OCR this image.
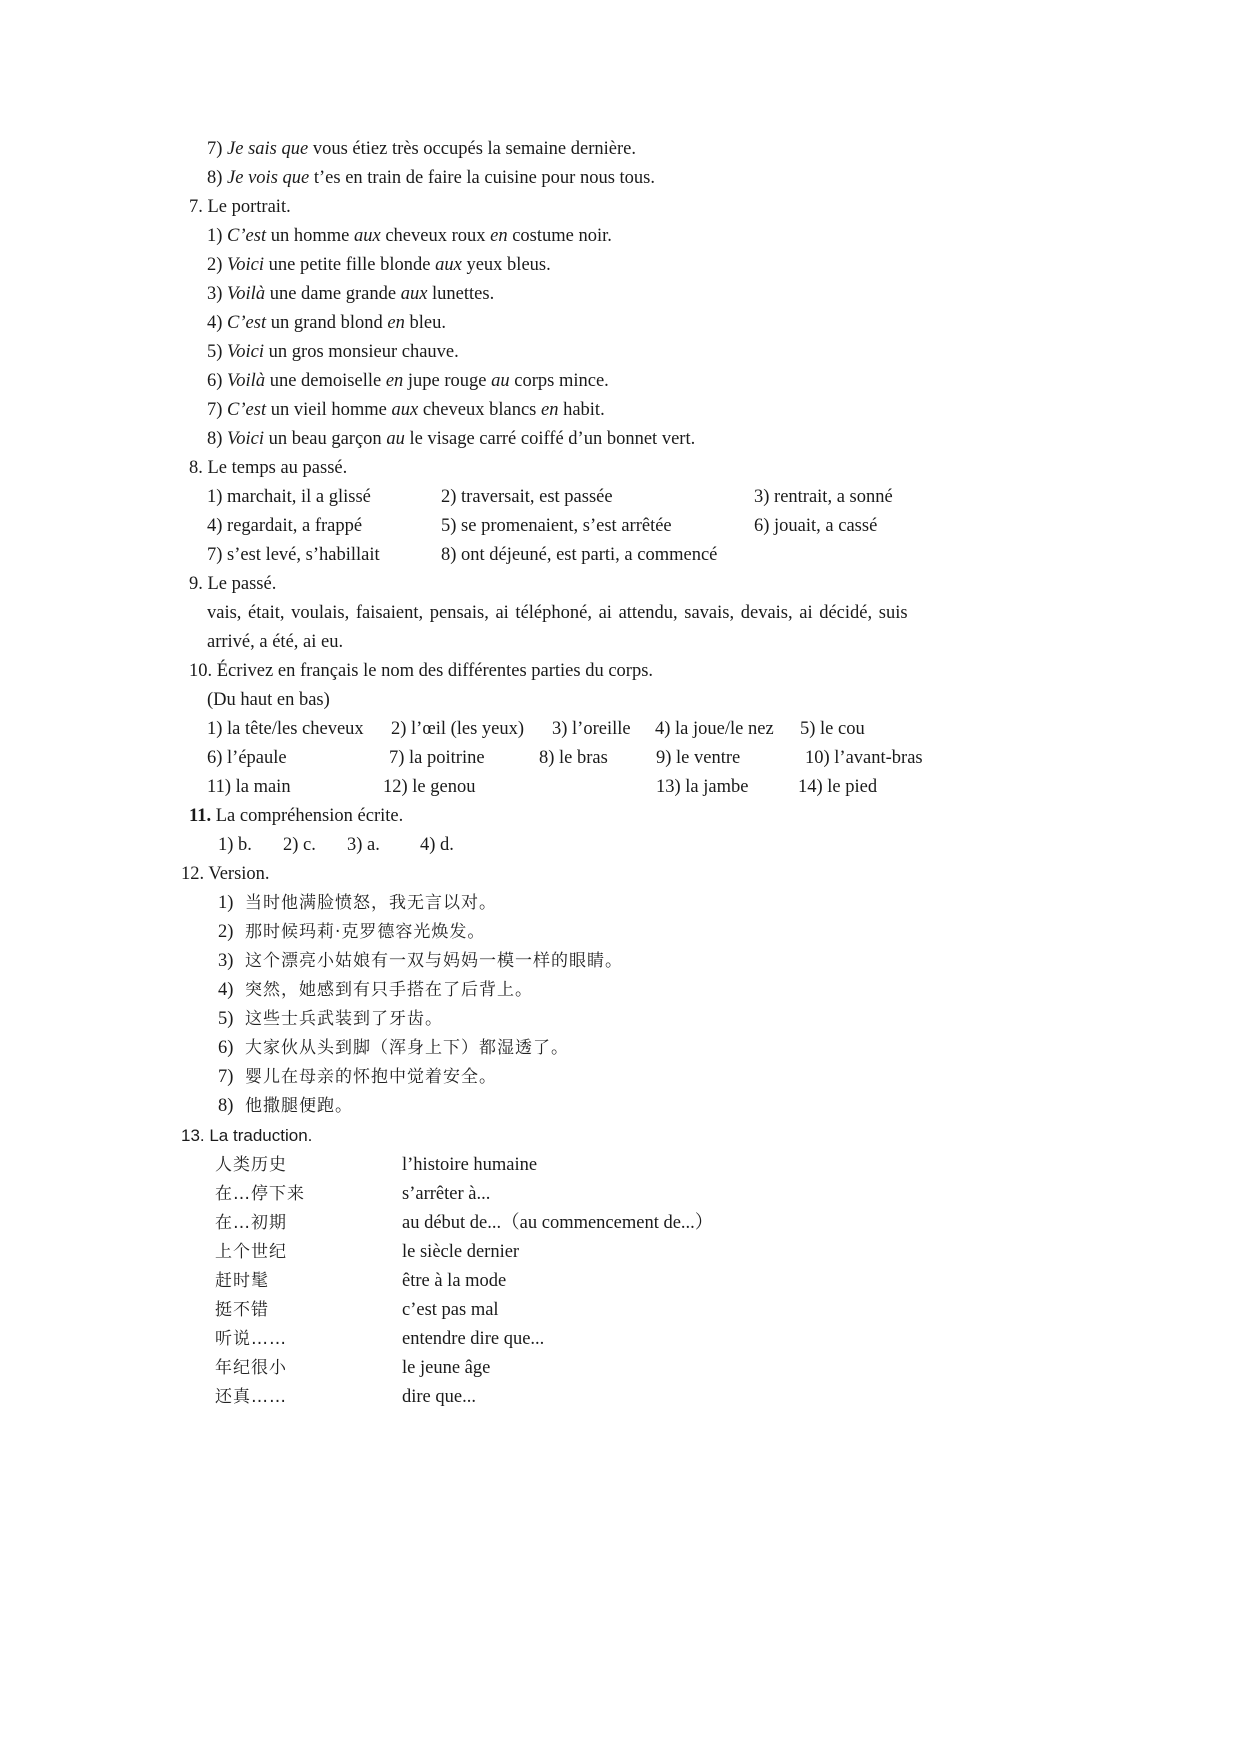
7) Je sais que vous étiez très occupés la semaine dernière.
8) Je vois que t’es en train de faire la cuisine pour nous tous.
7. Le portrait.
1) C’est un homme aux cheveux roux en costume noir.
2) Voici une petite fille blonde aux yeux bleus.
3) Voilà une dame grande aux lunettes.
4) C’est un grand blond en bleu.
5) Voici un gros monsieur chauve.
6) Voilà une demoiselle en jupe rouge au corps mince.
7) C’est un vieil homme aux cheveux blancs en habit.
8) Voici un beau garçon au le visage carré coiffé d’un bonnet vert.
8. Le temps au passé.
1) marchait, il a glissé	2) traversait, est passée	3) rentrait, a sonné
4) regardait, a frappé	5) se promenaient, s’est arrêtée	6) jouait, a cassé
7) s’est levé, s’habillait	8) ont déjeuné, est parti, a commencé
9. Le passé.
vais, était, voulais, faisaient, pensais, ai téléphoné, ai attendu, savais, devais, ai décidé, suis
arrivé, a été, ai eu.
10. Écrivez en français le nom des différentes parties du corps.
(Du haut en bas)
1) la tête/les cheveux 2) l’œil (les yeux) 3) l’oreille 4) la joue/le nez 5) le cou
6) l’épaule	7) la poitrine	8) le bras	9) le ventre	10) l’avant-bras
11) la main	12) le genou	13) la jambe	14) le pied
11. La compréhension écrite.
1) b. 2) c. 3) a. 4) d.
12. Version.
1) 当时他满脸愤怒，我无言以对。
2) 那时候玛莉·克罗德容光焕发。
3) 这个漂亮小姑娘有一双与妈妈一模一样的眼睛。
4) 突然，她感到有只手搭在了后背上。
5) 这些士兵武装到了牙齿。
6) 大家伙从头到脚（浑身上下）都湿透了。
7) 婴儿在母亲的怀抱中觉着安全。
8) 他撒腿便跑。
13. La traduction.
人类历史	l’histoire humaine
在…停下来	s’arrêter à...
在…初期	au début de...（au commencement de...）
上个世纪	le siècle dernier
赶时髦	être à la mode
挺不错	c’est pas mal
听说……	entendre dire que...
年纪很小	le jeune âge
还真……	dire que...
